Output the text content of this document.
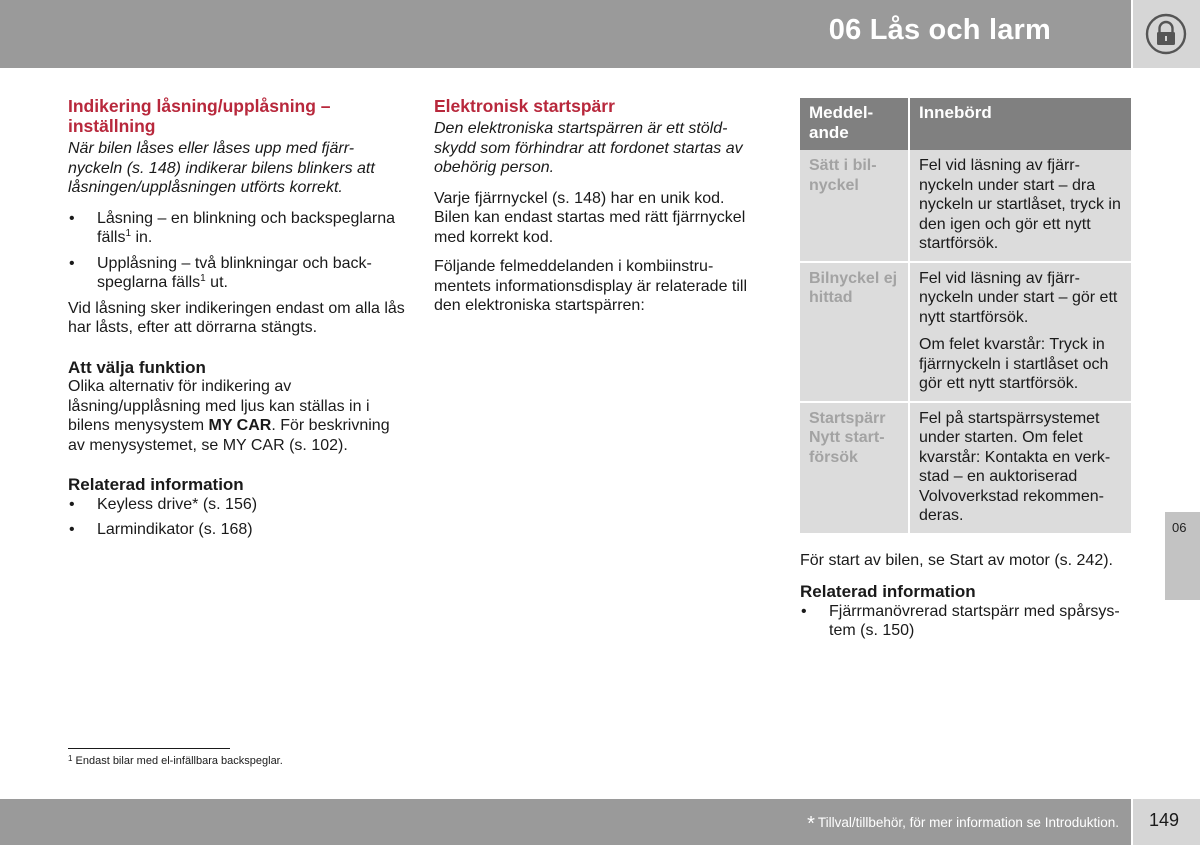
06 Lås och larm
Indikering låsning/upplåsning – inställning

När bilen låses eller låses upp med fjärr-nyckeln (s. 148) indikerar bilens blinkers att låsningen/upplåsningen utförts korrekt.

• Låsning – en blinkning och backspeglarna fälls$^1$ in.
• Upplåsning – två blinkningar och back-speglarna fälls$^1$ ut.

Vid låsning sker indikeringen endast om alla lås har låsts, efter att dörrarna stängts.

Att välja funktion

Olika alternativ för indikering av låsning/upplåsning med ljus kan ställas in i bilens menysystem MY CAR. För beskrivning av menysystemet, se MY CAR (s. 102).

Relaterad information
• Keyless drive* (s. 156)
• Larmindikator (s. 168)
Elektronisk startspärr

Den elektroniska startspärren är ett stöld-skydd som förhindrar att fordonet startas av obehörig person.

Varje fjärrnyckel (s. 148) har en unik kod. Bilen kan endast startas med rätt fjärrnyckel med korrekt kod.

Följande felmeddelanden i kombiinstru-mentets informationsdisplay är relaterade till den elektroniska startspärren:

Meddel-ande	Innebörd
Sätt i bil-nyckel	Fel vid läsning av fjärr-nyckeln under start – dra nyckeln ur startlåset, tryck in den igen och gör ett nytt startförsök.

Bilnyckel ej hittad	Fel vid läsning av fjärr-nyckeln under start – gör ett nytt startförsök.

Om felet kvarstår: Tryck in fjärrnyckeln i startlåset och gör ett nytt startförsök.

Startspärr Nytt start-försök	Fel på startspärrsystemet under starten. Om felet kvarstår: Kontakta en verk-stad – en auktoriserad Volvoverkstad rekommen-deras.

För start av bilen, se Start av motor (s. 242).

Relaterad information
• Fjärrmanövrerad startspärr med spårsys-tem (s. 150)
$^1$ Endast bilar med el-infällbara backspeglar.
06
* Tillval/tillbehör, för mer information se Introduktion. 149
